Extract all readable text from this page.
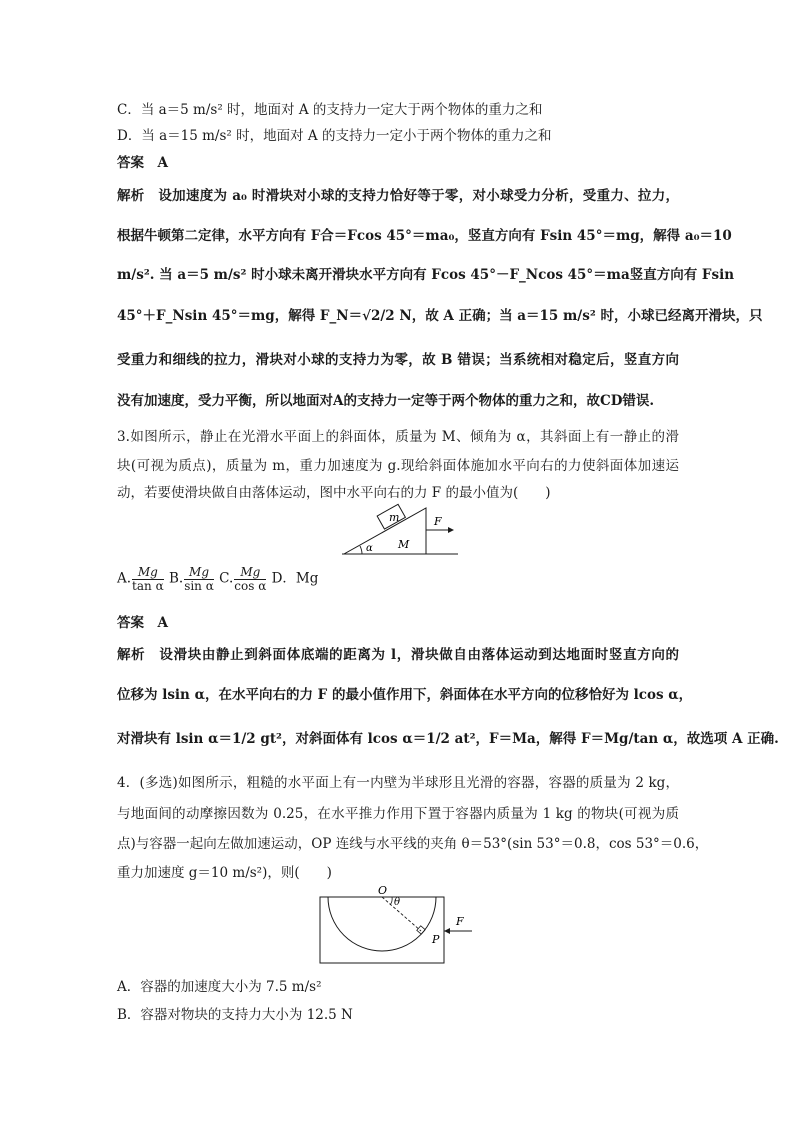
C．当 a＝5 m/s² 时，地面对 A 的支持力一定大于两个物体的重力之和
D．当 a＝15 m/s² 时，地面对 A 的支持力一定小于两个物体的重力之和
答案　A
解析　设加速度为 a₀ 时滑块对小球的支持力恰好等于零，对小球受力分析，受重力、拉力，
根据牛顿第二定律，水平方向有 F合＝Fcos 45°＝ma₀，竖直方向有 Fsin 45°＝mg，解得 a₀＝10
m/s². 当 a＝5 m/s² 时小球未离开滑块水平方向有 Fcos 45°－F_Ncos 45°＝ma竖直方向有 Fsin
45°＋F_Nsin 45°＝mg，解得 F_N＝√2/2 N，故 A 正确；当 a＝15 m/s² 时，小球已经离开滑块，只
受重力和细线的拉力，滑块对小球的支持力为零，故 B 错误；当系统相对稳定后，竖直方向
没有加速度，受力平衡，所以地面对A的支持力一定等于两个物体的重力之和，故CD错误.
3.如图所示，静止在光滑水平面上的斜面体，质量为 M、倾角为 α，其斜面上有一静止的滑
块(可视为质点)，质量为 m，重力加速度为 g.现给斜面体施加水平向右的力使斜面体加速运
动，若要使滑块做自由落体运动，图中水平向右的力 F 的最小值为(　　)
m
M
F
α
A. $\frac{Mg}{\text{tan α}} B$. $\frac{Mg}{\text{sin α}} C$. $\frac{Mg}{\text{cos α}}$ D．Mg
答案　A
解析　设滑块由静止到斜面体底端的距离为 l，滑块做自由落体运动到达地面时竖直方向的
位移为 lsin α，在水平向右的力 F 的最小值作用下，斜面体在水平方向的位移恰好为 lcos α，
对滑块有 lsin α＝1/2 gt²，对斜面体有 lcos α＝1/2 at²，F＝Ma，解得 F＝Mg/tan α，故选项 A 正确.
4．(多选)如图所示，粗糙的水平面上有一内壁为半球形且光滑的容器，容器的质量为 2 kg，
与地面间的动摩擦因数为 0.25，在水平推力作用下置于容器内质量为 1 kg 的物块(可视为质
点)与容器一起向左做加速运动，OP 连线与水平线的夹角 θ＝53°(sin 53°＝0.8，cos 53°＝0.6，
重力加速度 g＝10 m/s²)，则(　　)
O
θ
P
F
A．容器的加速度大小为 7.5 m/s²
B．容器对物块的支持力大小为 12.5 N
